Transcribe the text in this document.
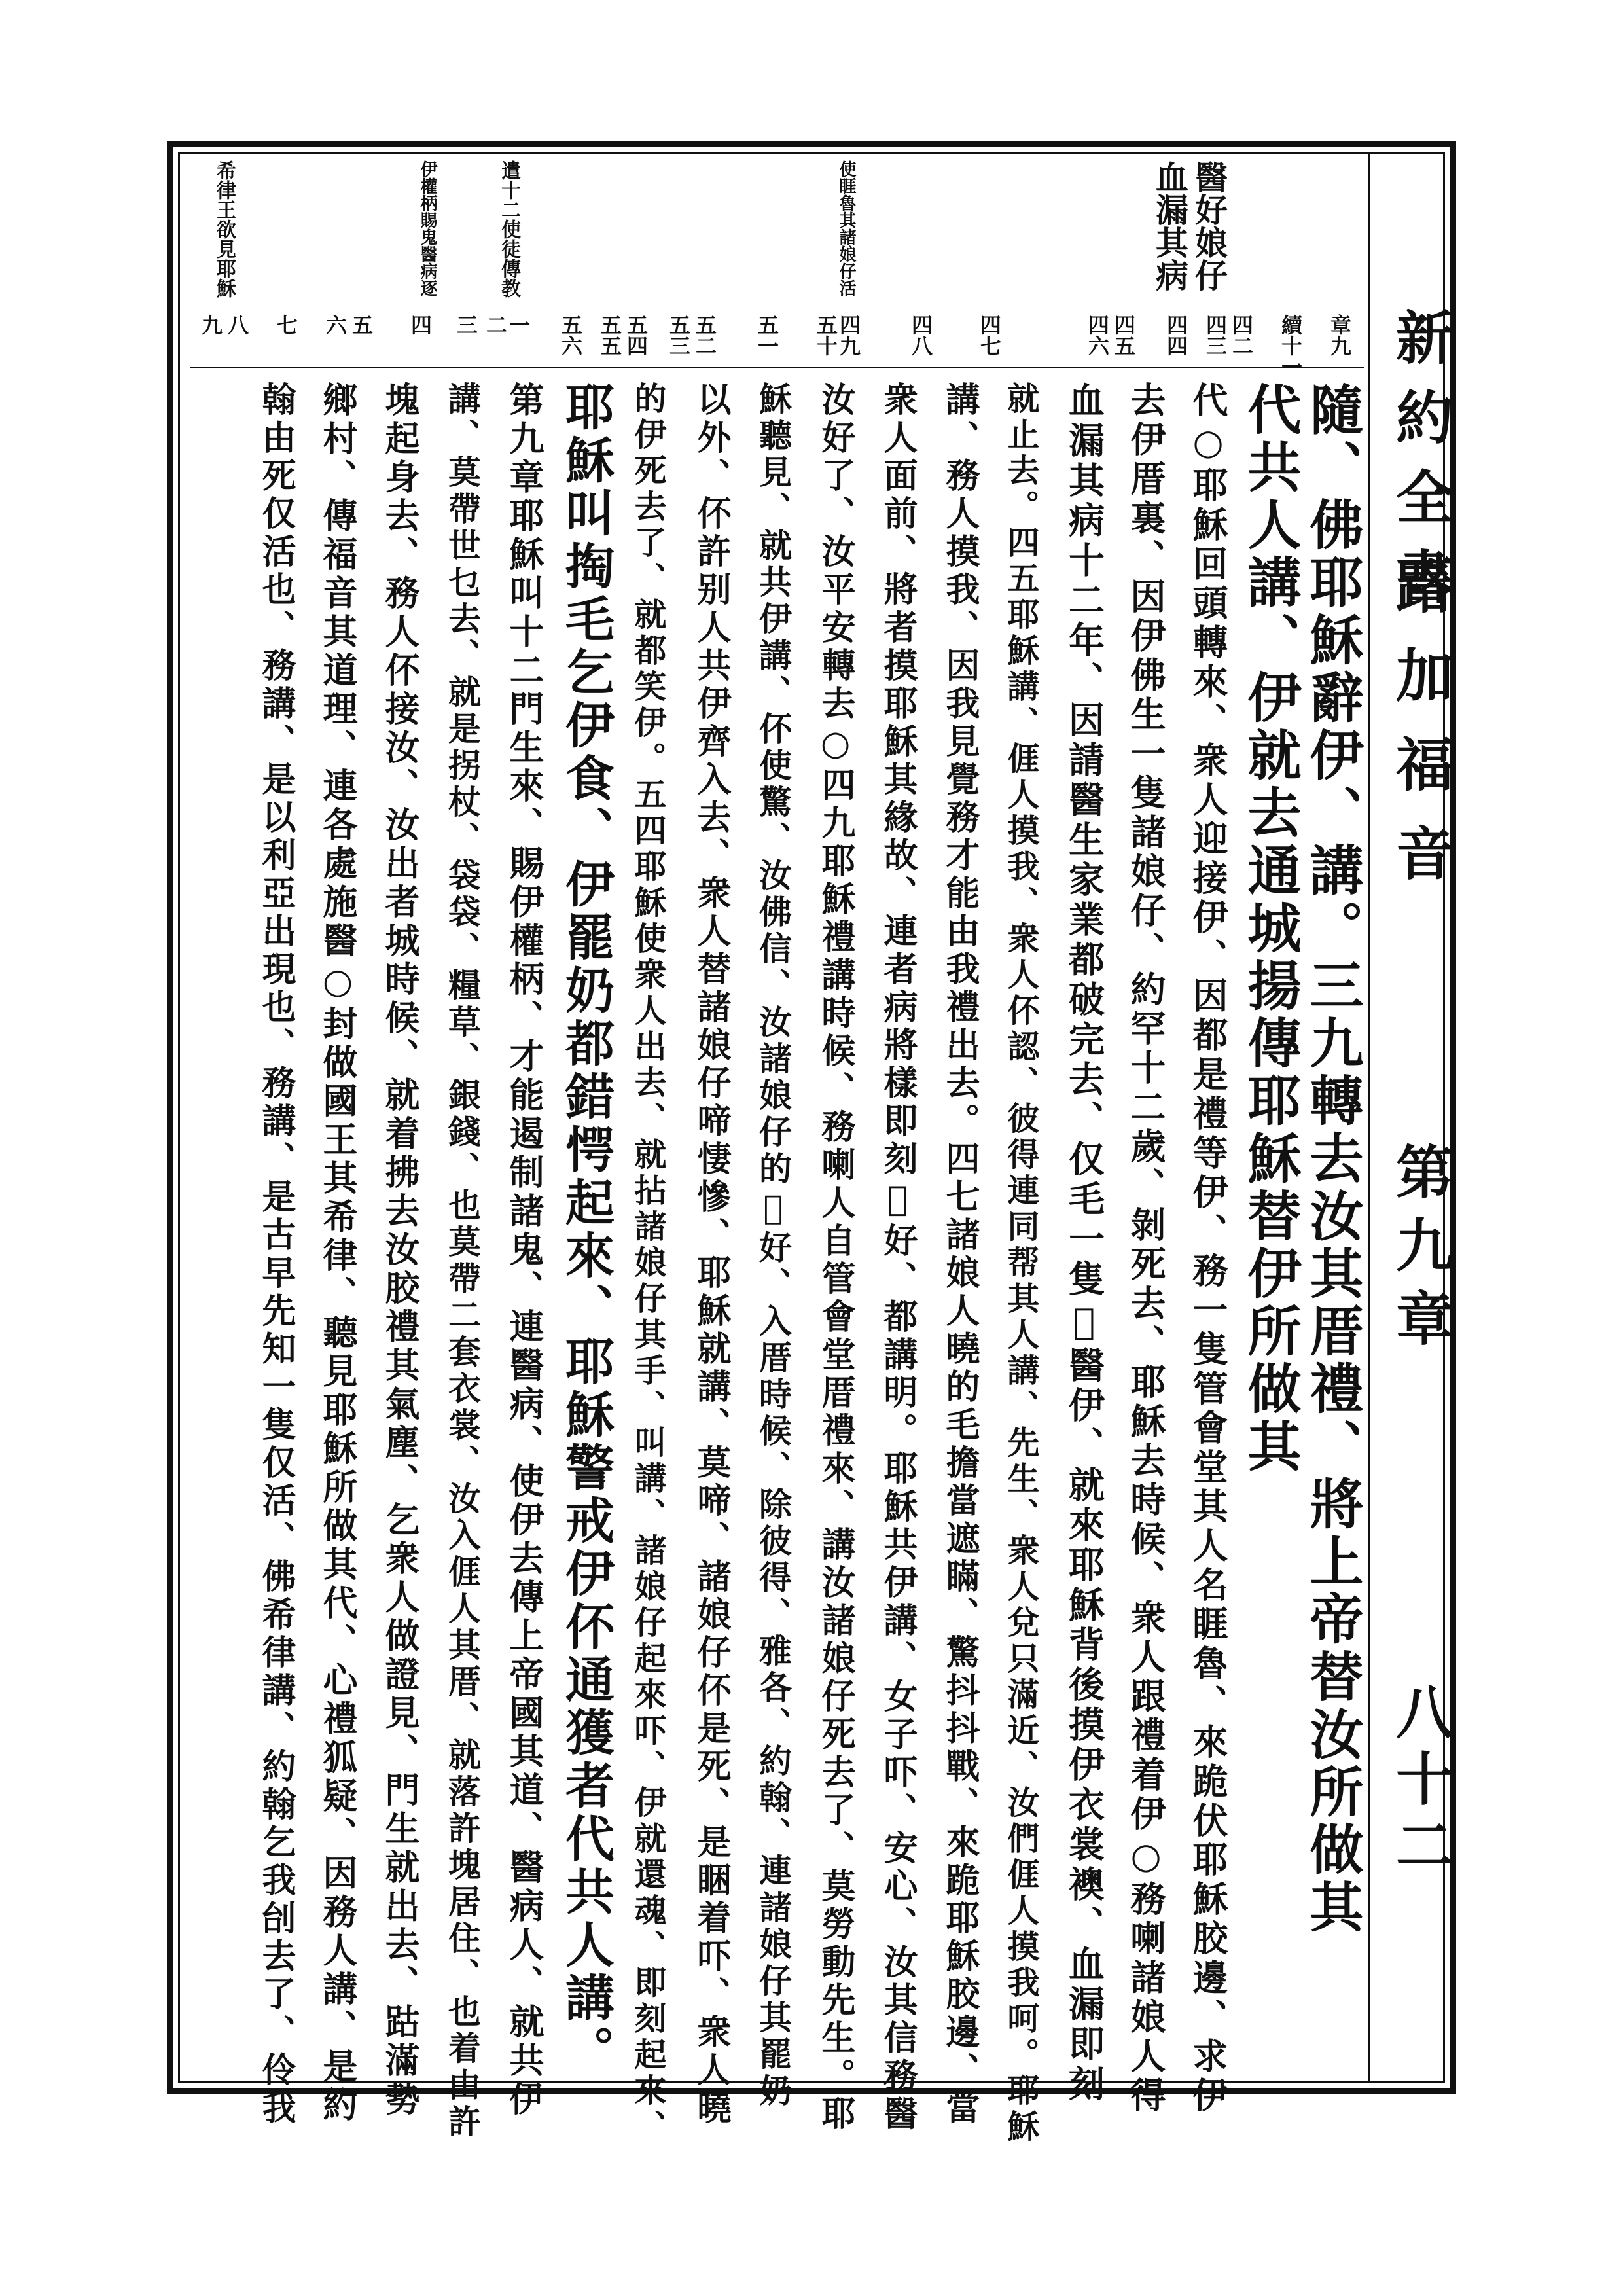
新約全書
路加福音
第九章
八十二
醫好娘仔
血漏其病
使睚魯其諸娘仔活
遣十二使徒傳教
伊權柄賜鬼醫病逐
希律王欲見耶穌
章九
續十一
四二
四三
四四
四五
四六
四七
四八
四九
五十
五一
五二
五三
五四
五五
五六
一
二
三
四
五
六
七
八
九
隨、佛耶穌辭伊、講。三九轉去汝其厝禮、將上帝替汝所做其
代共人講、伊就去通城揚傳耶穌替伊所做其
代○耶穌回頭轉來、衆人迎接伊、因都是禮等伊、務一隻管會堂其人名睚魯、來跪伏耶穌胶邊、求伊
去伊厝裏、因伊佛生一隻諸娘仔、約罕十二歲、剝死去、耶穌去時候、衆人跟禮着伊○務喇諸娘人得
血漏其病十二年、因請醫生家業都破完去、仅毛一隻𠆧醫伊、就來耶穌背後摸伊衣裳襖、血漏即刻
就止去。四五耶穌講、𠊎人摸我、衆人伓認、彼得連同帮其人講、先生、衆人兌只滿近、汝們𠊎人摸我呵。耶穌
講、務人摸我、因我見覺務才能由我禮出去。四七諸娘人曉的毛擔當遮瞞、驚抖抖戰、來跪耶穌胶邊、當
衆人面前、將者摸耶穌其緣故、連者病將樣即刻𠆧好、都講明。耶穌共伊講、女子吓、安心、汝其信務醫
汝好了、汝平安轉去○四九耶穌禮講時候、務喇人自管會堂厝禮來、講汝諸娘仔死去了、莫勞動先生。耶
穌聽見、就共伊講、伓使驚、汝佛信、汝諸娘仔的𠆧好、入厝時候、除彼得、雅各、約翰、連諸娘仔其罷奶
以外、伓許别人共伊齊入去、衆人替諸娘仔啼悽慘、耶穌就講、莫啼、諸娘仔伓是死、是睏着吓、衆人曉
的伊死去了、就都笑伊。五四耶穌使衆人出去、就拈諸娘仔其手、叫講、諸娘仔起來吓、伊就還魂、即刻起來、
耶穌叫掏毛乞伊食、伊罷奶都錯愕起來、耶穌警戒伊伓通獲者代共人講。
第九章耶穌叫十二門生來、賜伊權柄、才能遏制諸鬼、連醫病、使伊去傳上帝國其道、醫病人、就共伊
講、莫帶世乜去、就是拐杖、袋袋、糧草、銀錢、也莫帶二套衣裳、汝入𠊎人其厝、就落許塊居住、也着由許
塊起身去、務人伓接汝、汝出者城時候、就着拂去汝胶禮其氣塵、乞衆人做證見、門生就出去、跍滿勢
鄉村、傳福音其道理、連各處施醫○封做國王其希律、聽見耶穌所做其代、心禮狐疑、因務人講、是約
翰由死仅活也、務講、是以利亞出現也、務講、是古早先知一隻仅活、佛希律講、約翰乞我刣去了、伶我
